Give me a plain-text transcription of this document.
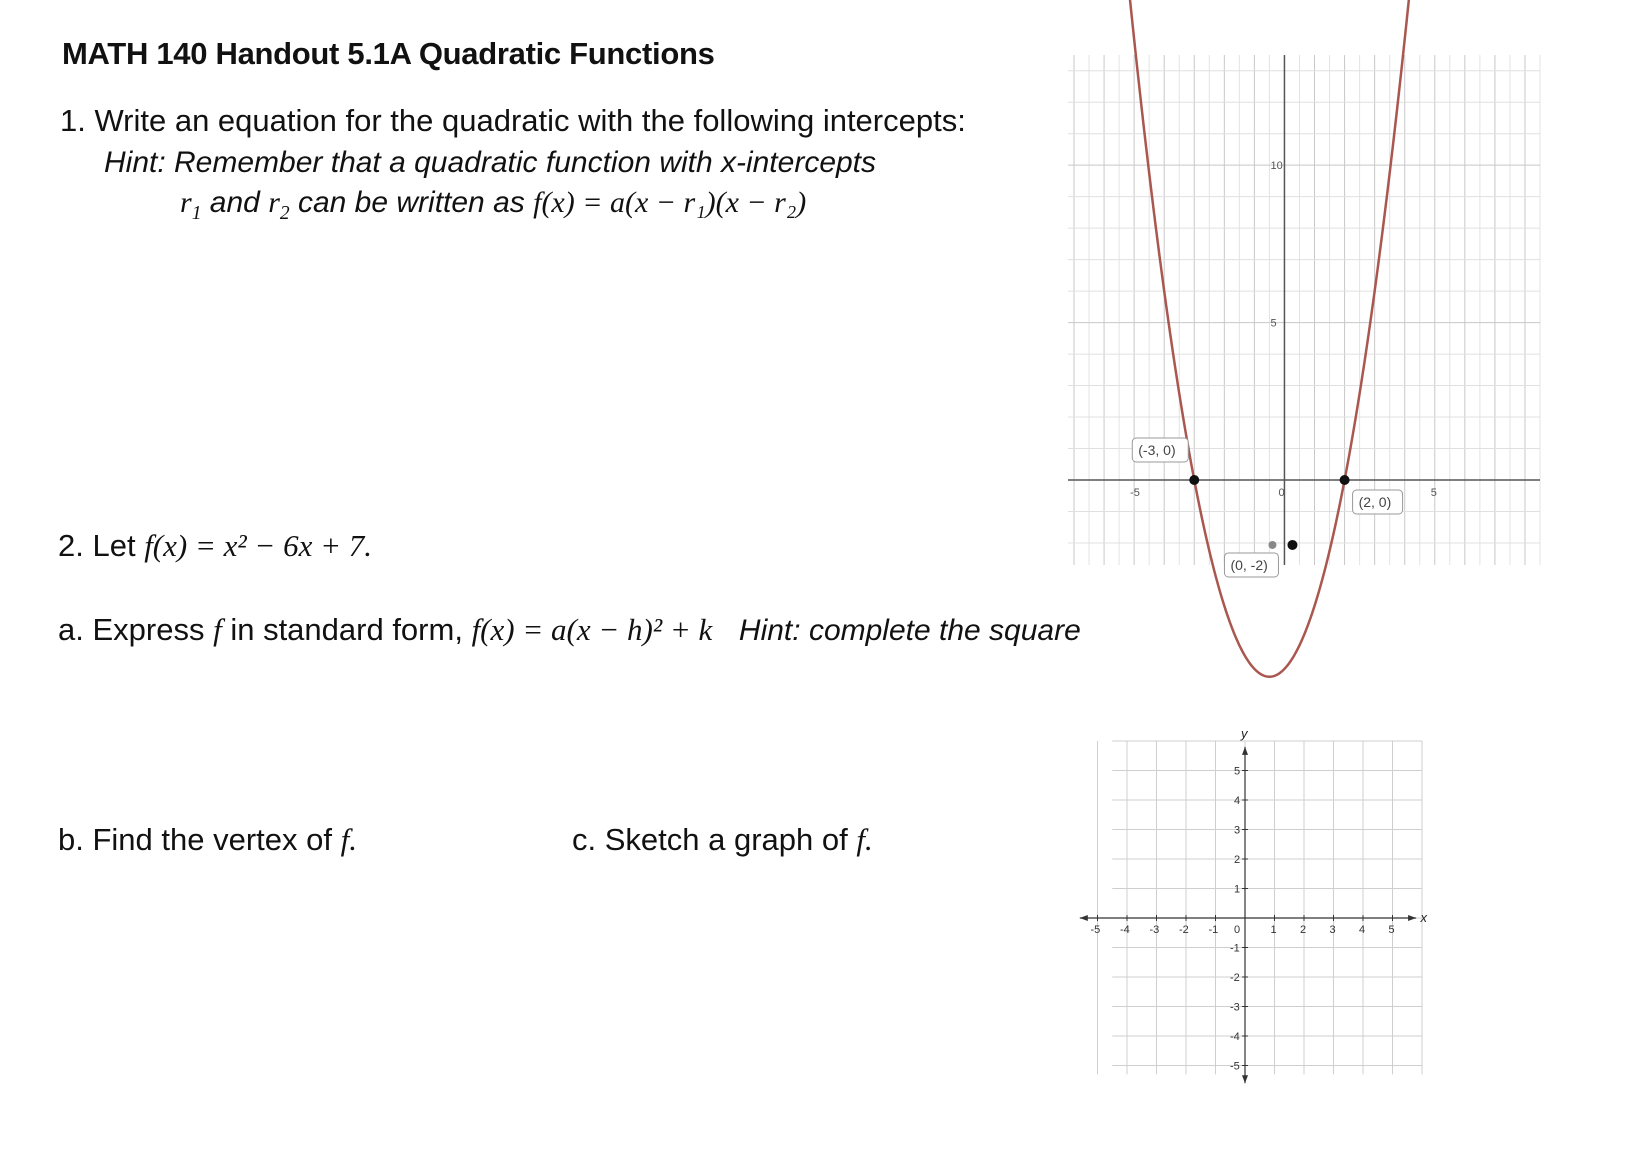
MATH 140 Handout 5.1A Quadratic Functions
1. Write an equation for the quadratic with the following intercepts:
Hint: Remember that a quadratic function with x-intercepts
$r_1$ and $r_2$ can be written as f(x) = a(x − r₁)(x − r₂)
2. Let f(x) = x² − 6x + 7.
a. Express f in standard form, f(x) = a(x − h)² + k Hint: complete the square
b. Find the vertex of f.	c. Sketch a graph of f.
-5	0	5
5
10
(-3, 0)
(2, 0)
(0, -2)
x
y
-5 -4 -3 -2 -1	1 2 3 4 5
5
4
3
2
1
-1
-2
-3
-4
-5
0
